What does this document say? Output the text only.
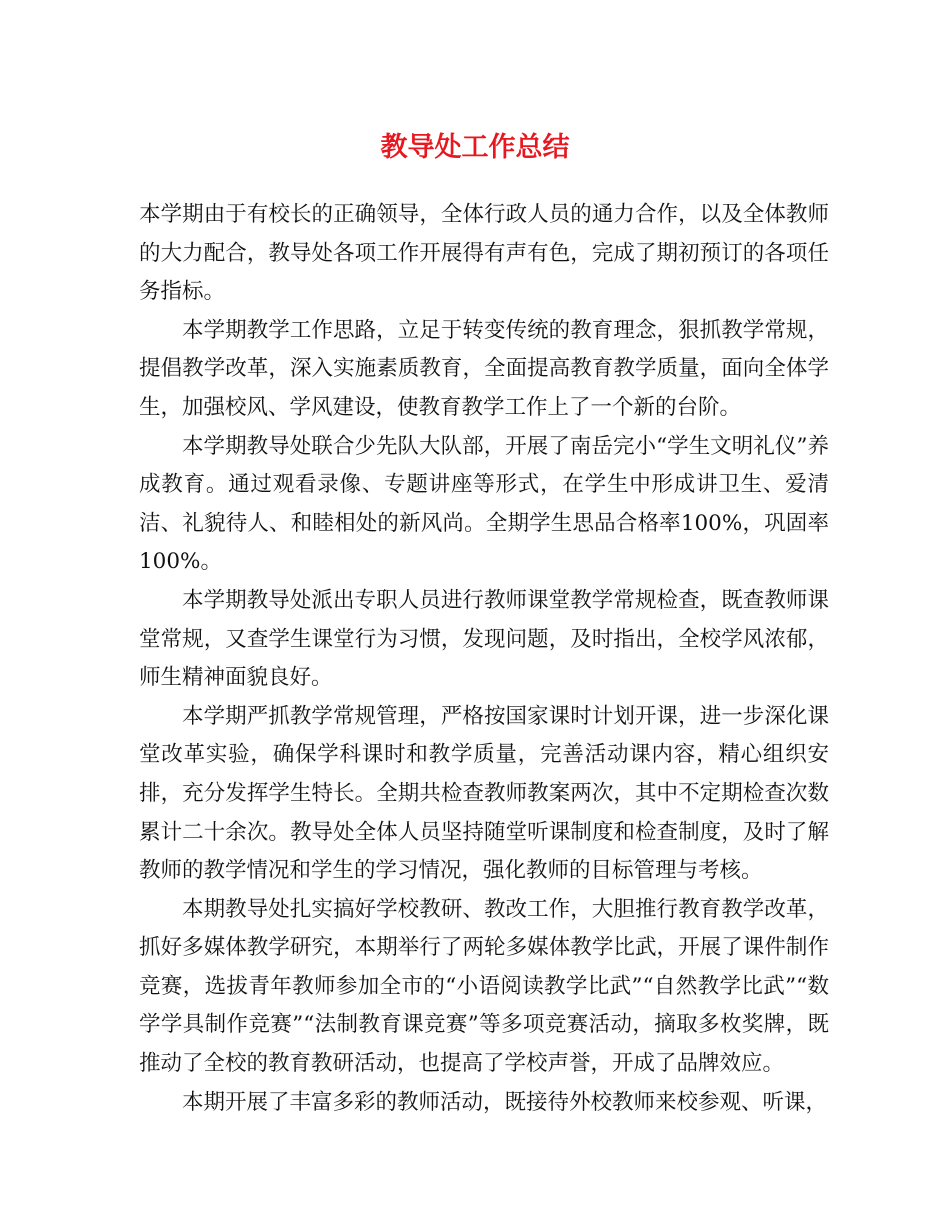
教导处工作总结

本学期由于有校长的正确领导，全体行政人员的通力合作，以及全体教师的大力配合，教导处各项工作开展得有声有色，完成了期初预订的各项任务指标。

本学期教学工作思路，立足于转变传统的教育理念，狠抓教学常规，提倡教学改革，深入实施素质教育，全面提高教育教学质量，面向全体学生，加强校风、学风建设，使教育教学工作上了一个新的台阶。

本学期教导处联合少先队大队部，开展了南岳完小“学生文明礼仪”养成教育。通过观看录像、专题讲座等形式，在学生中形成讲卫生、爱清洁、礼貌待人、和睦相处的新风尚。全期学生思品合格率100%，巩固率100%。

本学期教导处派出专职人员进行教师课堂教学常规检查，既查教师课堂常规，又查学生课堂行为习惯，发现问题，及时指出，全校学风浓郁，师生精神面貌良好。

本学期严抓教学常规管理，严格按国家课时计划开课，进一步深化课堂改革实验，确保学科课时和教学质量，完善活动课内容，精心组织安排，充分发挥学生特长。全期共检查教师教案两次，其中不定期检查次数累计二十余次。教导处全体人员坚持随堂听课制度和检查制度，及时了解教师的教学情况和学生的学习情况，强化教师的目标管理与考核。

本期教导处扎实搞好学校教研、教改工作，大胆推行教育教学改革，抓好多媒体教学研究，本期举行了两轮多媒体教学比武，开展了课件制作竞赛，选拔青年教师参加全市的“小语阅读教学比武”“自然教学比武”“数学学具制作竞赛”“法制教育课竞赛”等多项竞赛活动，摘取多枚奖牌，既推动了全校的教育教研活动，也提高了学校声誉，开成了品牌效应。

本期开展了丰富多彩的教师活动，既接待外校教师来校参观、听课，
